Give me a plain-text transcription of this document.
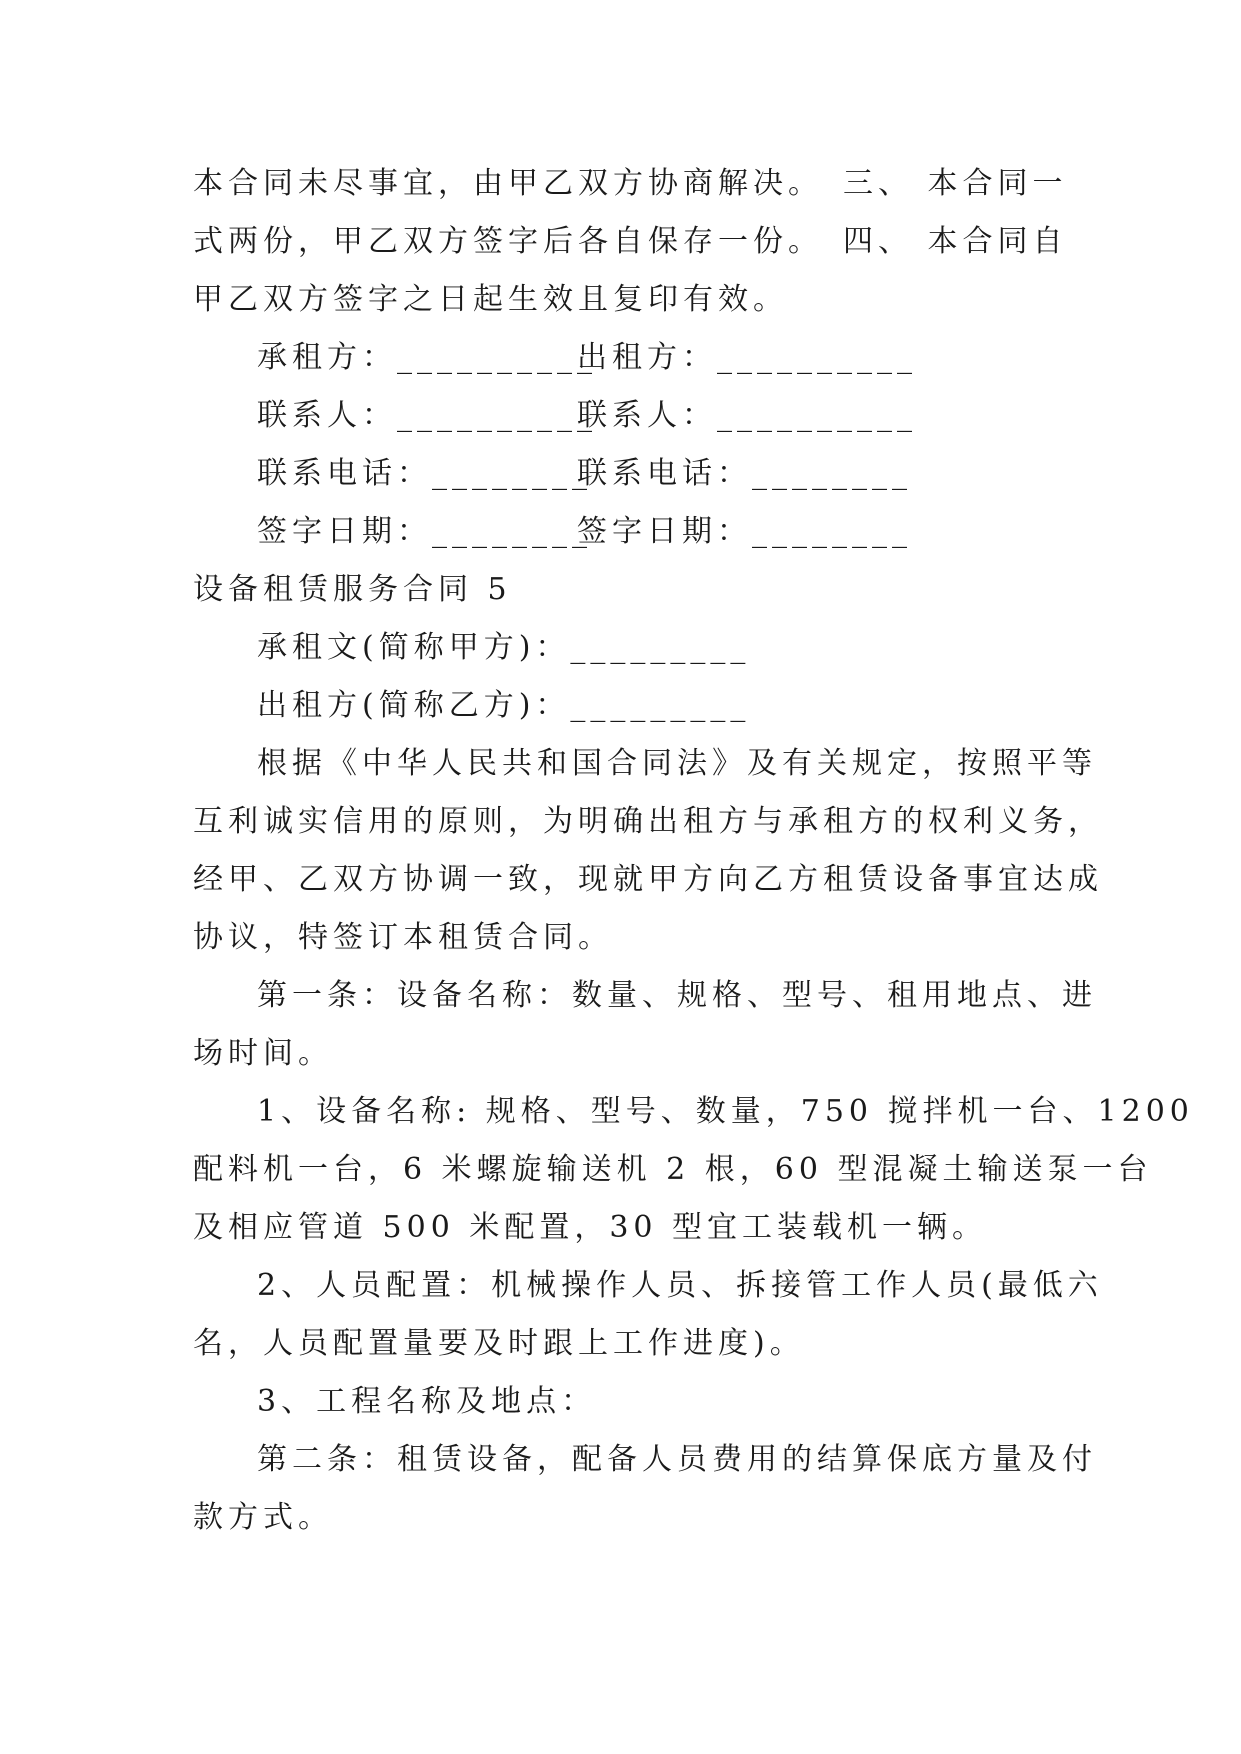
本合同未尽事宜，由甲乙双方协商解决。　三、 本合同一
式两份，甲乙双方签字后各自保存一份。　四、 本合同自
甲乙双方签字之日起生效且复印有效。
承租方：__________
出租方：__________
联系人：__________
联系人：__________
联系电话：________
联系电话：________
签字日期：________
签字日期：________
设备租赁服务合同 5
承租文(简称甲方)：_________
出租方(简称乙方)：_________
根据《中华人民共和国合同法》及有关规定，按照平等
互利诚实信用的原则，为明确出租方与承租方的权利义务，
经甲、乙双方协调一致，现就甲方向乙方租赁设备事宜达成
协议，特签订本租赁合同。
第一条：设备名称：数量、规格、型号、租用地点、进
场时间。
1、设备名称: 规格、型号、数量，750 搅拌机一台、1200
配料机一台，6 米螺旋输送机 2 根，60 型混凝土输送泵一台
及相应管道 500 米配置，30 型宜工装载机一辆。
2、人员配置：机械操作人员、拆接管工作人员(最低六
名，人员配置量要及时跟上工作进度)。
3、工程名称及地点：
第二条：租赁设备，配备人员费用的结算保底方量及付
款方式。
